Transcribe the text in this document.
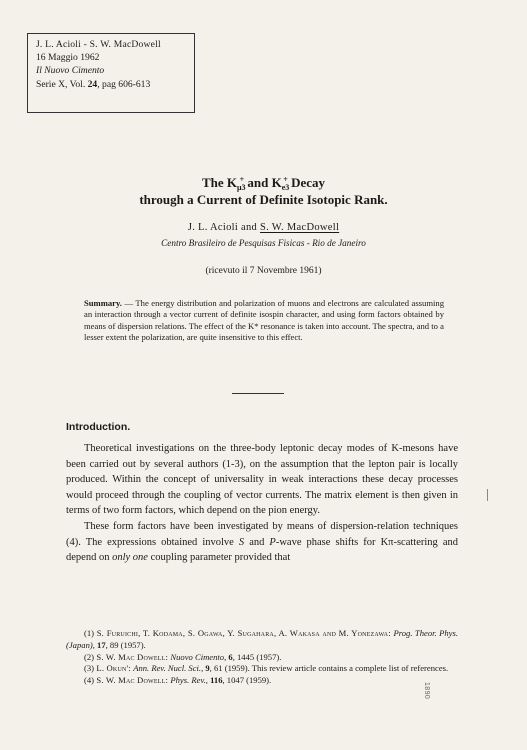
J. L. Acioli - S. W. MacDowell
16 Maggio 1962
Il Nuovo Cimento
Serie X, Vol. 24, pag 606-613
The $K_{\mu 3}^+$ and $K_{e3}^+$ Decay
through a Current of Definite Isotopic Rank.
J. L. Acioli and S. W. MacDowell
Centro Brasileiro de Pesquisas Fisicas - Rio de Janeiro
(ricevuto il 7 Novembre 1961)
Summary. — The energy distribution and polarization of muons and electrons are calculated assuming an interaction through a vector current of definite isospin character, and using form factors obtained by means of dispersion relations. The effect of the K* resonance is taken into account. The spectra, and to a lesser extent the polarization, are quite insensitive to this effect.
Introduction.

Theoretical investigations on the three-body leptonic decay modes of K-mesons have been carried out by several authors (1-3), on the assumption that the lepton pair is locally produced. Within the concept of universality in weak interactions these decay processes would proceed through the coupling of vector currents. The matrix element is then given in terms of two form factors, which depend on the pion energy.

These form factors have been investigated by means of dispersion-relation techniques (4). The expressions obtained involve S and P-wave phase shifts for Kπ-scattering and depend on only one coupling parameter provided that

(1) S. Furuichi, T. Kodama, S. Ogawa, Y. Sugahara, A. Wakasa and M. Yonezawa: Prog. Theor. Phys. (Japan), 17, 89 (1957).
(2) S. W. Mac Dowell: Nuovo Cimento, 6, 1445 (1957).
(3) L. Okun': Ann. Rev. Nucl. Sci., 9, 61 (1959). This review article contains a complete list of references.
(4) S. W. Mac Dowell: Phys. Rev., 116, 1047 (1959).
1890
